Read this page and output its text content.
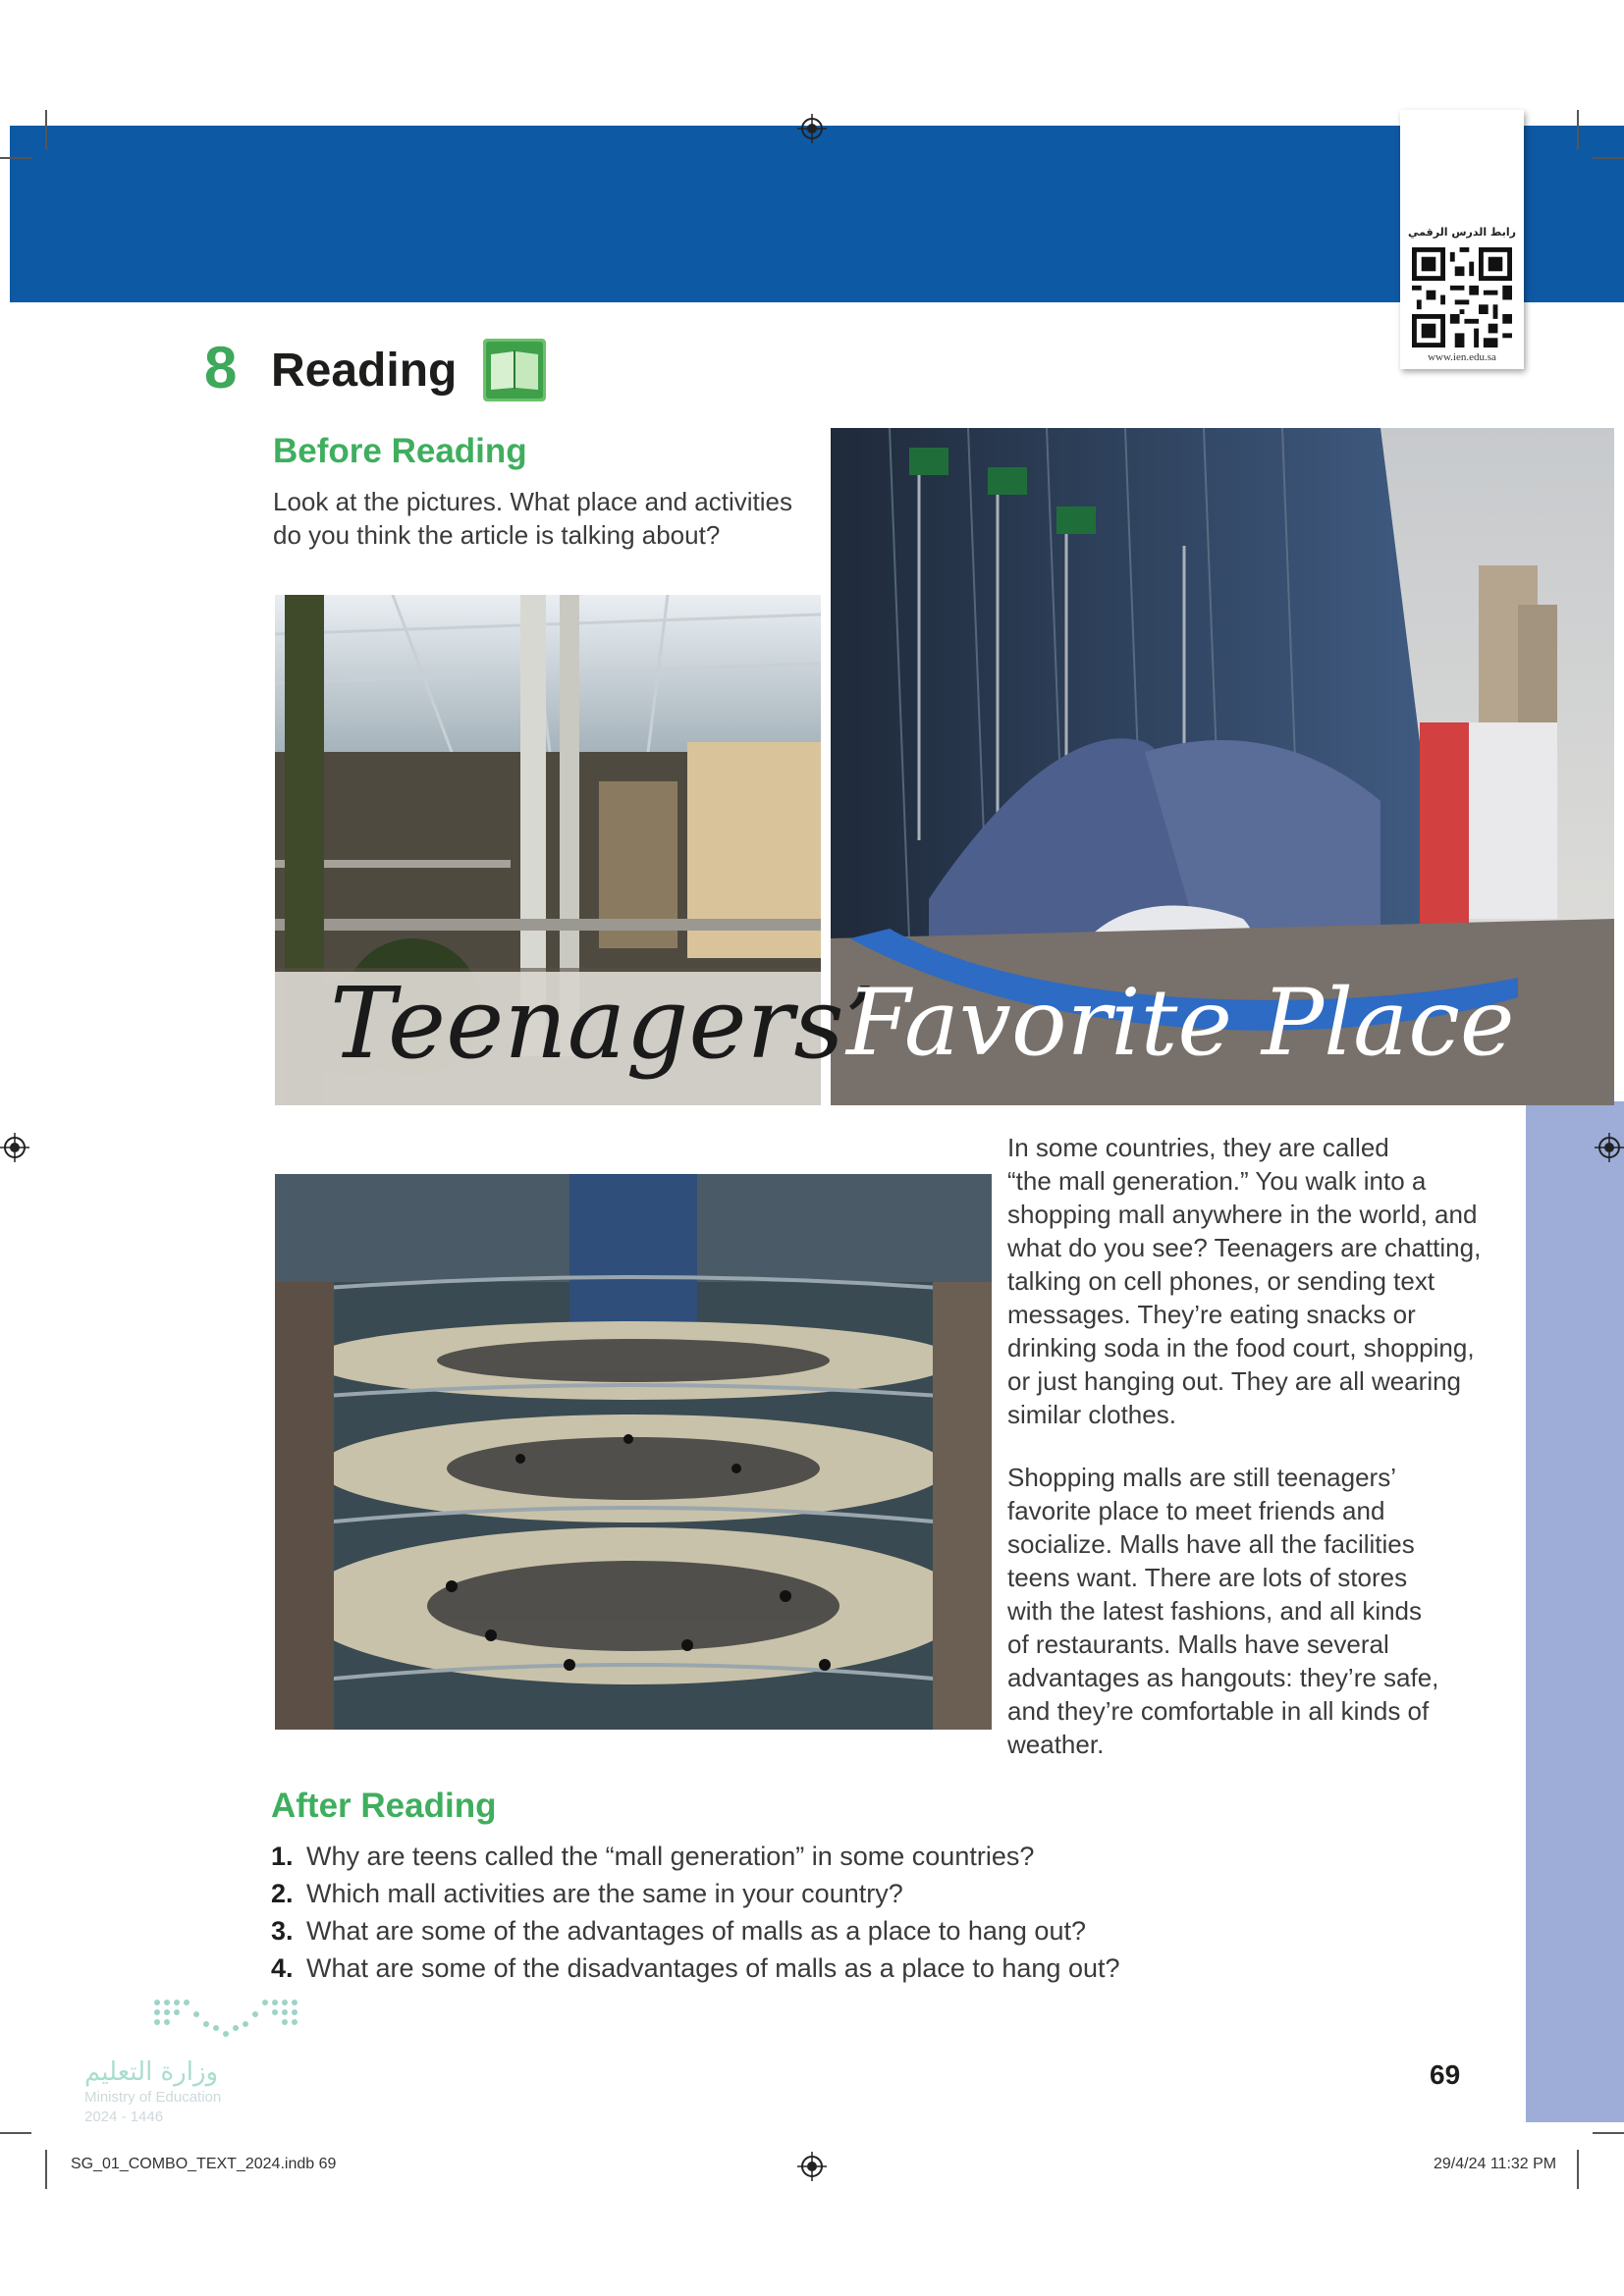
رابط الدرس الرقمي
www.ien.edu.sa
8 Reading
Before Reading
Look at the pictures. What place and activities
do you think the article is talking about?
Teenagers’
Favorite Place
In some countries, they are called
“the mall generation.” You walk into a
shopping mall anywhere in the world, and
what do you see? Teenagers are chatting,
talking on cell phones, or sending text
messages. They’re eating snacks or
drinking soda in the food court, shopping,
or just hanging out. They are all wearing
similar clothes.
Shopping malls are still teenagers’
favorite place to meet friends and
socialize. Malls have all the facilities
teens want. There are lots of stores
with the latest fashions, and all kinds
of restaurants. Malls have several
advantages as hangouts: they’re safe,
and they’re comfortable in all kinds of
weather.
After Reading
1. Why are teens called the “mall generation” in some countries?
2. Which mall activities are the same in your country?
3. What are some of the advantages of malls as a place to hang out?
4. What are some of the disadvantages of malls as a place to hang out?
وزارة التعليم
Ministry of Education
2024 - 1446
69
SG_01_COMBO_TEXT_2024.indb 69	29/4/24 11:32 PM
